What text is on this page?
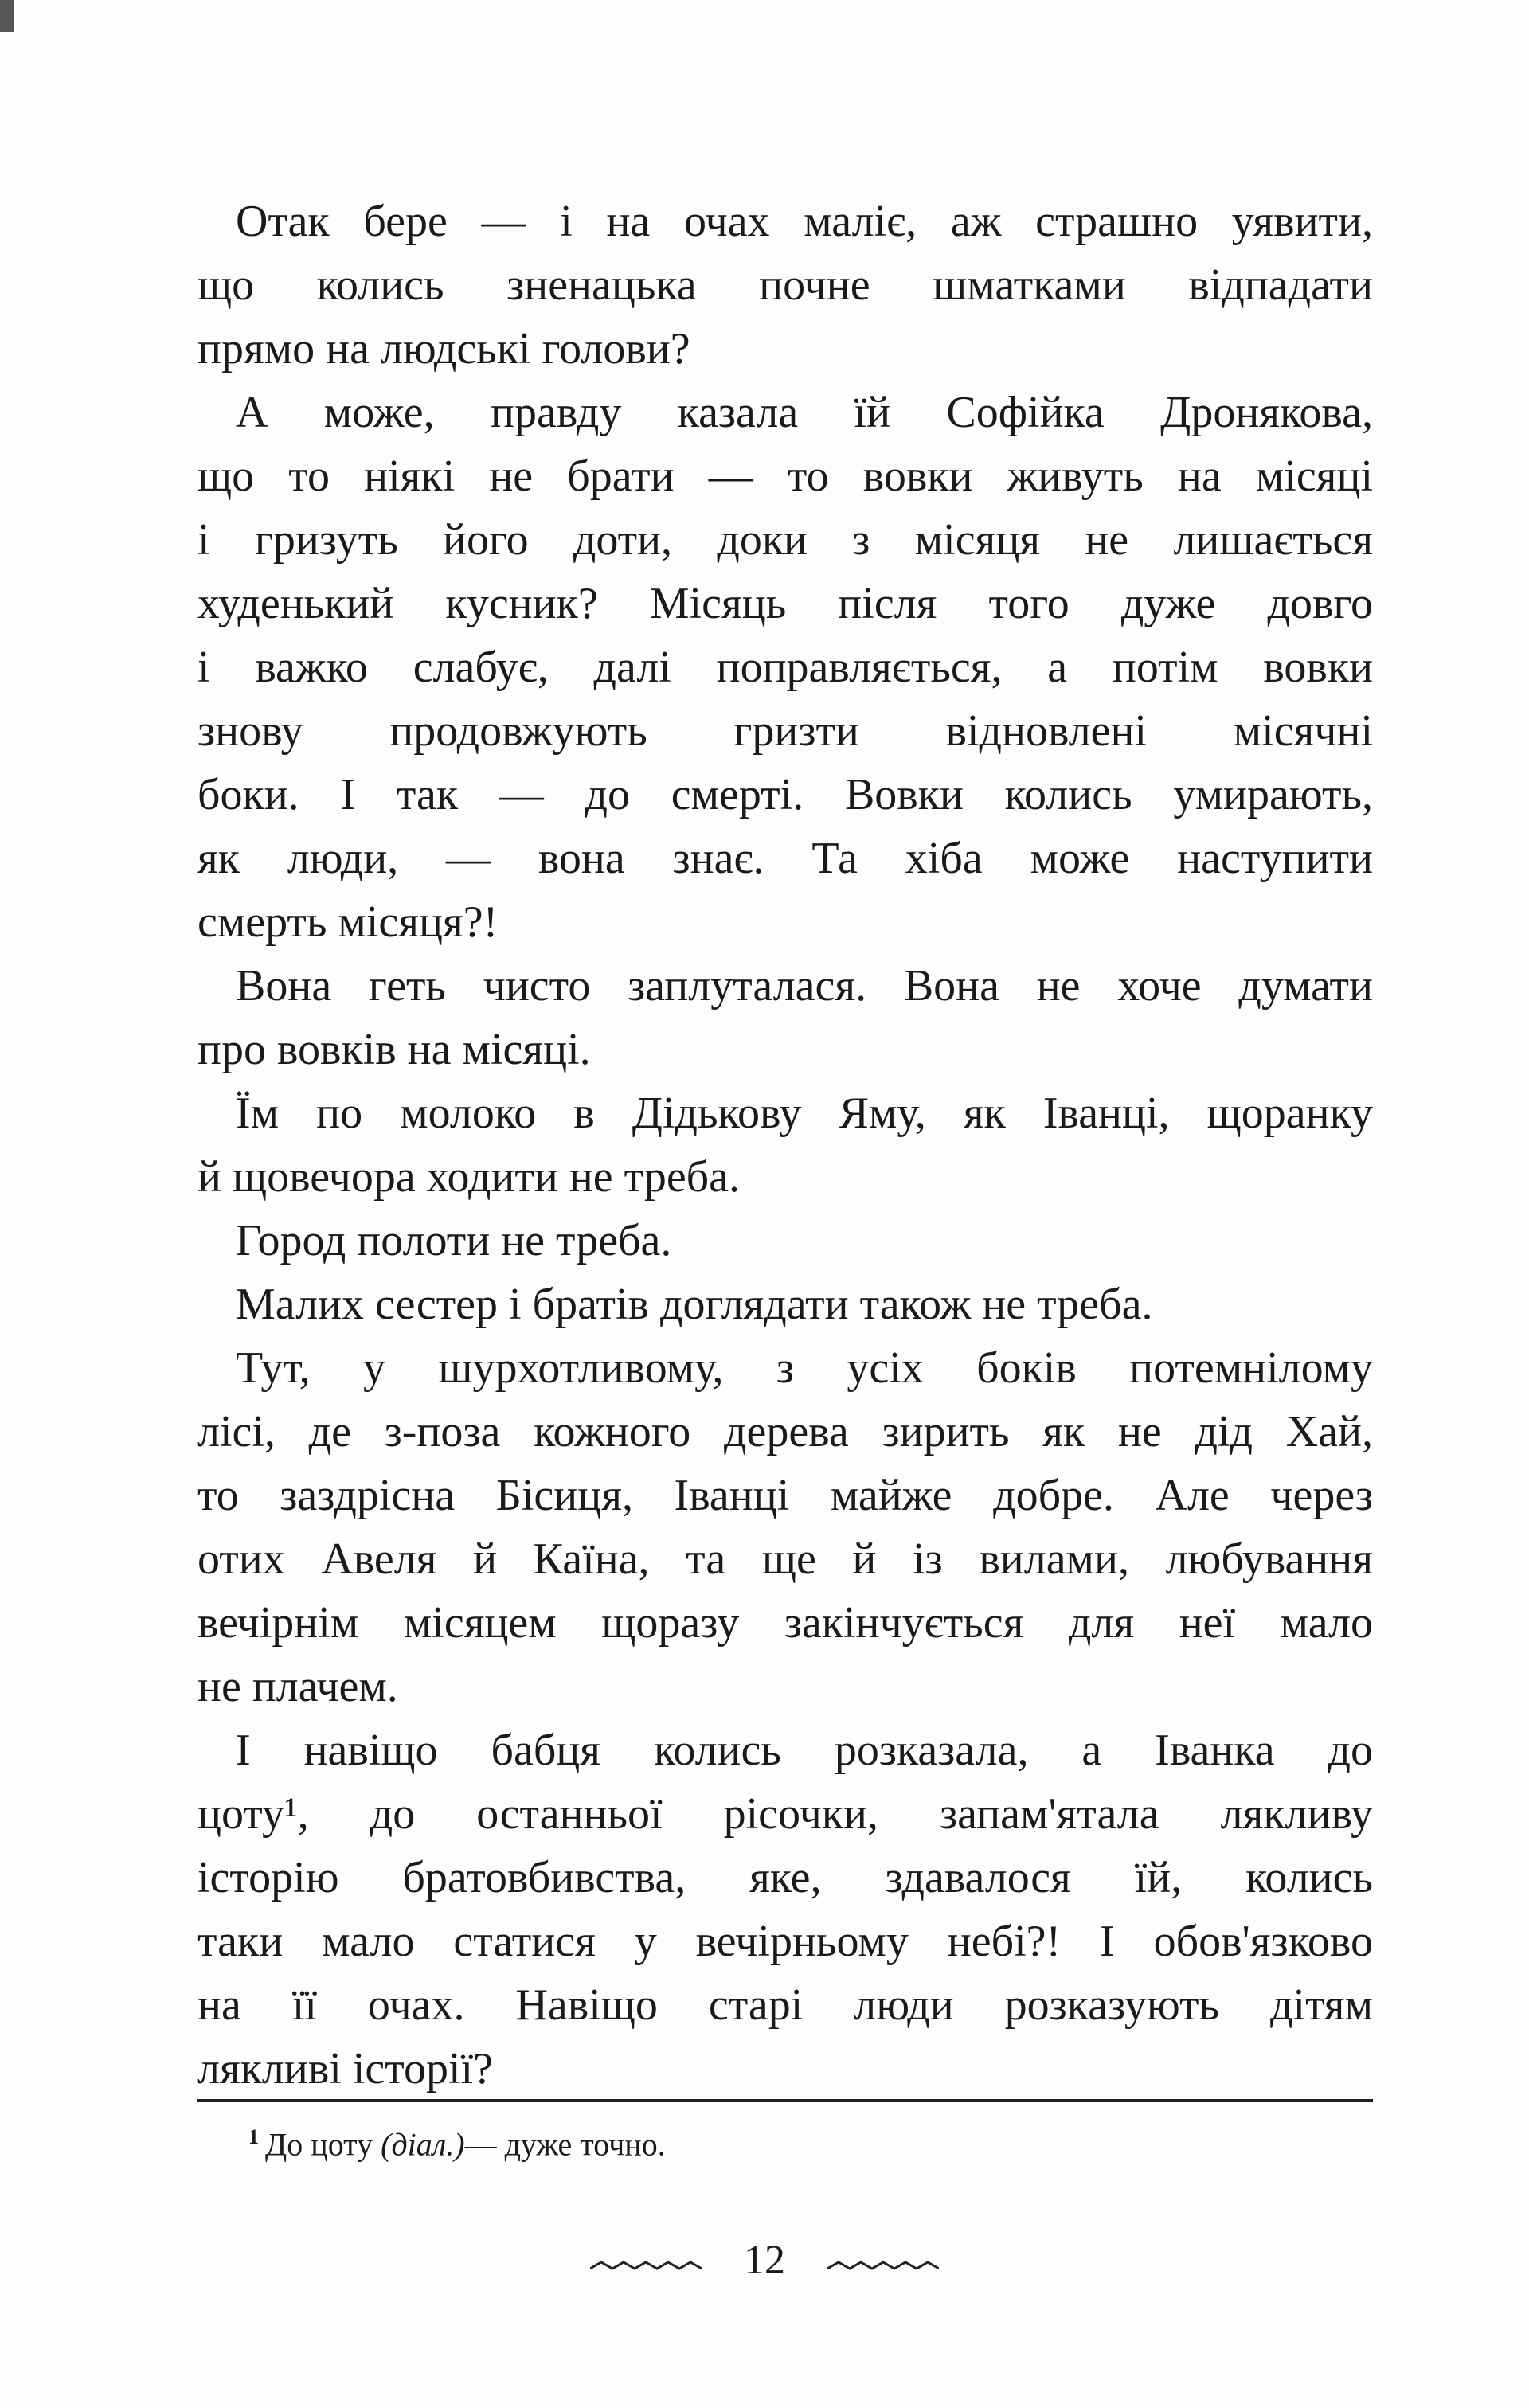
Отак бере — і на очах маліє, аж страшно уявити,
що колись зненацька почне шматками відпадати
прямо на людські голови?
А може, правду казала їй Софійка Дронякова,
що то ніякі не брати — то вовки живуть на місяці
і гризуть його доти, доки з місяця не лишається
худенький кусник? Місяць після того дуже довго
і важко слабує, далі поправляється, а потім вовки
знову продовжують гризти відновлені місячні
боки. І так — до смерті. Вовки колись умирають,
як люди, — вона знає. Та хіба може наступити
смерть місяця?!
Вона геть чисто заплуталася. Вона не хоче думати
про вовків на місяці.
Їм по молоко в Дідькову Яму, як Іванці, щоранку
й щовечора ходити не треба.
Город полоти не треба.
Малих сестер і братів доглядати також не треба.
Тут, у шурхотливому, з усіх боків потемнілому
лісі, де з-поза кожного дерева зирить як не дід Хай,
то заздрісна Бісиця, Іванці майже добре. Але через
отих Авеля й Каїна, та ще й із вилами, любування
вечірнім місяцем щоразу закінчується для неї мало
не плачем.
І навіщо бабця колись розказала, а Іванка до
цоту¹, до останньої рісочки, запам'ятала лякливу
історію братовбивства, яке, здавалося їй, колись
таки мало статися у вечірньому небі?! І обов'язково
на її очах. Навіщо старі люди розказують дітям
лякливі історії?
$^1$ До цоту (діал.)— дуже точно.
12
